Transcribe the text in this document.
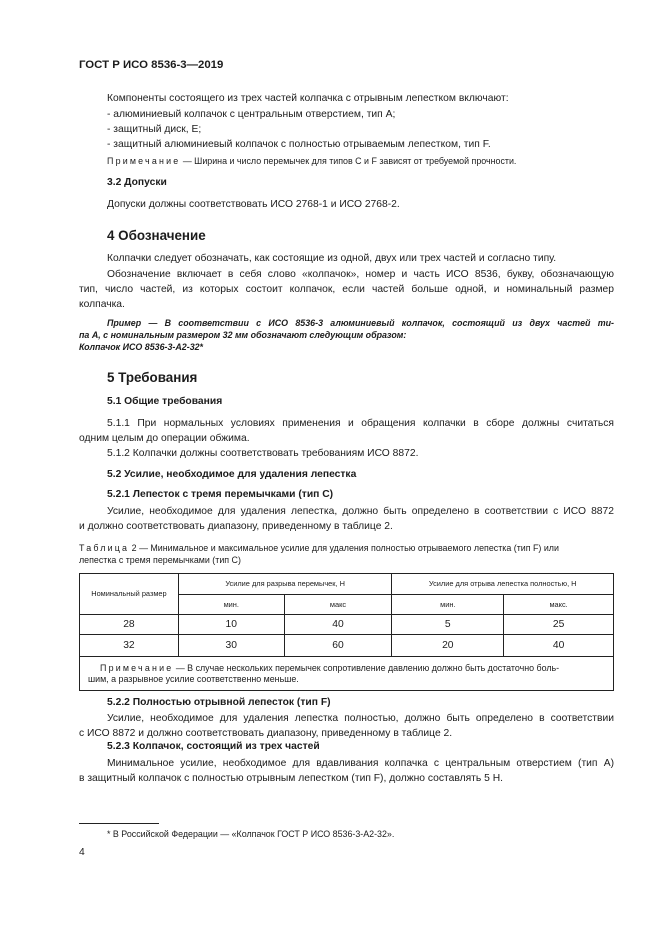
ГОСТ Р ИСО 8536-3—2019
Компоненты состоящего из трех частей колпачка с отрывным лепестком включают:
- алюминиевый колпачок с центральным отверстием, тип А;
- защитный диск, Е;
- защитный алюминиевый колпачок с полностью отрываемым лепестком, тип F.
Примечание — Ширина и число перемычек для типов С и F зависят от требуемой прочности.
3.2 Допуски
Допуски должны соответствовать ИСО 2768-1 и ИСО 2768-2.
4 Обозначение
Колпачки следует обозначать, как состоящие из одной, двух или трех частей и согласно типу.
Обозначение включает в себя слово «колпачок», номер и часть ИСО 8536, букву, обозначающую
тип, число частей, из которых состоит колпачок, если частей больше одной, и номинальный размер
колпачка.
Пример — В соответствии с ИСО 8536-3 алюминиевый колпачок, состоящий из двух частей ти-
па А, с номинальным размером 32 мм обозначают следующим образом:
Колпачок ИСО 8536-3-А2-32*
5 Требования
5.1 Общие требования
5.1.1 При нормальных условиях применения и обращения колпачки в сборе должны считаться
одним целым до операции обжима.
5.1.2 Колпачки должны соответствовать требованиям ИСО 8872.
5.2 Усилие, необходимое для удаления лепестка
5.2.1 Лепесток с тремя перемычками (тип С)
Усилие, необходимое для удаления лепестка, должно быть определено в соответствии с ИСО 8872
и должно соответствовать диапазону, приведенному в таблице 2.
Таблица 2 — Минимальное и максимальное усилие для удаления полностью отрываемого лепестка (тип F) или
лепестка с тремя перемычками (тип С)
Номинальный размер	Усилие для разрыва перемычек, Н		Усилие для отрыва лепестка полностью, Н	
	мин.	макс	мин.	макс.
28	10	40	5	25
32	30	60	20	40

Примечание — В случае нескольких перемычек сопротивление давлению должно быть достаточно боль-
шим, а разрывное усилие соответственно меньше.				
5.2.2 Полностью отрывной лепесток (тип F)
Усилие, необходимое для удаления лепестка полностью, должно быть определено в соответствии
с ИСО 8872 и должно соответствовать диапазону, приведенному в таблице 2.
5.2.3 Колпачок, состоящий из трех частей
Минимальное усилие, необходимое для вдавливания колпачка с центральным отверстием (тип А)
в защитный колпачок с полностью отрывным лепестком (тип F), должно составлять 5 Н.
* В Российской Федерации — «Колпачок ГОСТ Р ИСО 8536-3-А2-32».
4
